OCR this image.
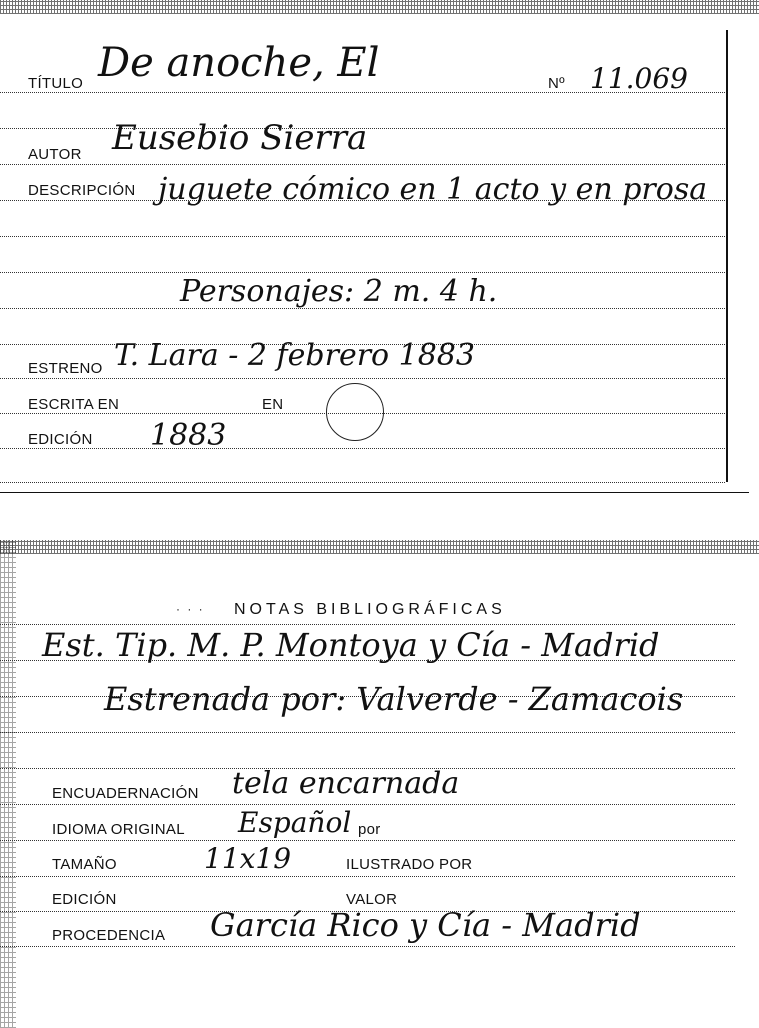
TÍTULO De anoche, El	Nº 11.069
AUTOR Eusebio Sierra
DESCRIPCIÓN juguete cómico en 1 acto y en prosa
Personajes: 2 m. 4 h.
ESTRENO T. Lara - 2 febrero 1883
ESCRITA EN	EN
EDICIÓN 1883
· · · NOTAS BIBLIOGRÁFICAS
Est. Tip. M. P. Montoya y Cía - Madrid
Estrenada por: Valverde - Zamacois
ENCUADERNACIÓN tela encarnada
IDIOMA ORIGINAL Español por
TAMAÑO	11x19	ILUSTRADO POR
EDICIÓN	VALOR
PROCEDENCIA García Rico y Cía - Madrid
